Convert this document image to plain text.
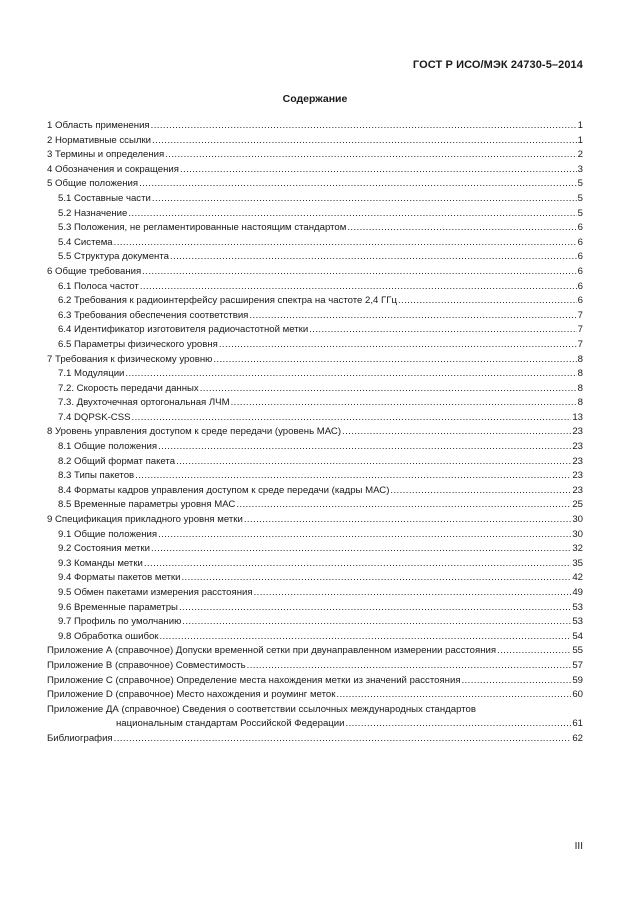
ГОСТ Р ИСО/МЭК 24730-5–2014
Содержание
1 Область применения .....	1
2 Нормативные ссылки .....	1
3 Термины и определения .....	2
4 Обозначения и сокращения .....	3
5 Общие положения .....	5
5.1 Составные части .....	5
5.2 Назначение .....	5
5.3 Положения, не регламентированные настоящим стандартом .....	6
5.4 Система .....	6
5.5 Структура документа .....	6
6 Общие требования .....	6
6.1 Полоса частот .....	6
6.2 Требования к радиоинтерфейсу расширения спектра на частоте 2,4 ГГц .....	6
6.3 Требования обеспечения соответствия .....	7
6.4 Идентификатор изготовителя радиочастотной метки .....	7
6.5 Параметры физического уровня .....	7
7 Требования к физическому уровню .....	8
7.1 Модуляции .....	8
7.2. Скорость передачи данных .....	8
7.3. Двухточечная ортогональная ЛЧМ .....	8
7.4 DQPSK-CSS .....	13
8 Уровень управления доступом к среде передачи (уровень МАС) .....	23
8.1 Общие положения .....	23
8.2 Общий формат пакета .....	23
8.3 Типы пакетов .....	23
8.4 Форматы кадров управления доступом к среде передачи (кадры МАС) .....	23
8.5 Временные параметры уровня МАС .....	25
9 Спецификация прикладного уровня метки .....	30
9.1 Общие положения .....	30
9.2 Состояния метки .....	32
9.3 Команды метки .....	35
9.4 Форматы пакетов метки .....	42
9.5 Обмен пакетами измерения расстояния .....	49
9.6 Временные параметры .....	53
9.7 Профиль по умолчанию .....	53
9.8 Обработка ошибок .....	54
Приложение А (справочное) Допуски временной сетки при двунаправленном измерении расстояния .....	55
Приложение В (справочное) Совместимость .....	57
Приложение С (справочное) Определение места нахождения метки из значений расстояния .....	59
Приложение D (справочное) Место нахождения и роуминг меток .....	60
Приложение ДА (справочное) Сведения о соответствии ссылочных международных стандартов
национальным стандартам Российской Федерации .....	61
Библиография .....	62
III
